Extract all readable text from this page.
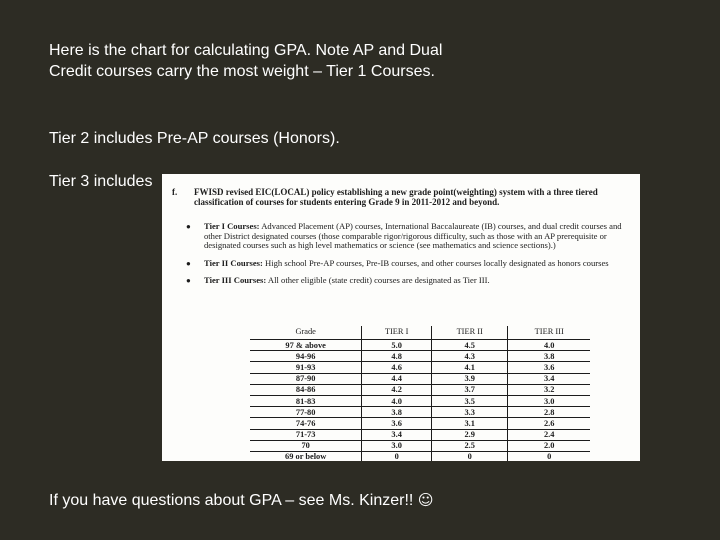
Here is the chart for calculating GPA. Note AP and Dual Credit courses carry the most weight – Tier 1 Courses.

Tier 2 includes Pre-AP courses (Honors).

Tier 3 includes

f. FWISD revised EIC(LOCAL) policy establishing a new grade point(weighting) system with a three tiered classification of courses for students entering Grade 9 in 2011-2012 and beyond.
● Tier I Courses: Advanced Placement (AP) courses, International Baccalaureate (IB) courses, and dual credit courses and other District designated courses (those comparable rigor/rigorous difficulty, such as those with an AP prerequisite or designated courses such as high level mathematics or science (see mathematics and science sections).)
● Tier II Courses: High school Pre-AP courses, Pre-IB courses, and other courses locally designated as honors courses
● Tier III Courses: All other eligible (state credit) courses are designated as Tier III.
Grade	TIER I	TIER II	TIER III
97 & above	5.0	4.5	4.0
94-96	4.8	4.3	3.8
91-93	4.6	4.1	3.6
87-90	4.4	3.9	3.4
84-86	4.2	3.7	3.2
81-83	4.0	3.5	3.0
77-80	3.8	3.3	2.8
74-76	3.6	3.1	2.6
71-73	3.4	2.9	2.4
70	3.0	2.5	2.0
69 or below	0	0	0

If you have questions about GPA – see Ms. Kinzer!! ☺
